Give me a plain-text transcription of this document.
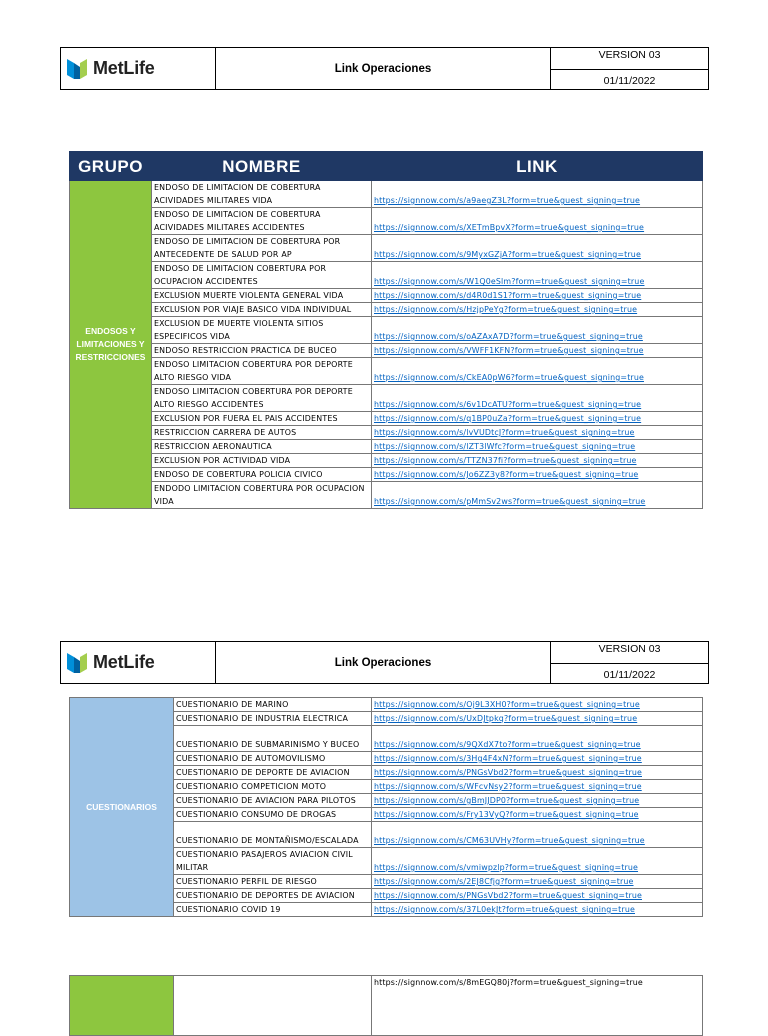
MetLife	Link Operaciones
VERSION 03
01/11/2022
GRUPO	NOMBRE	LINK
ENDOSOS Y LIMITACIONES Y RESTRICCIONES	ENDOSO DE LIMITACION DE COBERTURA ACIVIDADES MILITARES VIDA	https://signnow.com/s/a9aegZ3L?form=true&guest_signing=true
	ENDOSO DE LIMITACION DE COBERTURA ACIVIDADES MILITARES ACCIDENTES	https://signnow.com/s/XETmBpvX?form=true&guest_signing=true
	ENDOSO DE LIMITACION DE COBERTURA POR ANTECEDENTE DE SALUD POR AP	https://signnow.com/s/9MyxGZjA?form=true&guest_signing=true
	ENDOSO DE LIMITACION COBERTURA POR OCUPACION ACCIDENTES	https://signnow.com/s/W1Q0eSlm?form=true&guest_signing=true
	EXCLUSION MUERTE VIOLENTA GENERAL VIDA	https://signnow.com/s/d4R0d1S1?form=true&guest_signing=true
	EXCLUSION POR VIAJE BASICO VIDA INDIVIDUAL	https://signnow.com/s/HzjpPeYg?form=true&guest_signing=true
	EXCLUSION DE MUERTE VIOLENTA SITIOS ESPECIFICOS VIDA	https://signnow.com/s/oAZAxA7D?form=true&guest_signing=true
	ENDOSO RESTRICCION PRACTICA DE BUCEO	https://signnow.com/s/VWFF1KFN?form=true&guest_signing=true
	ENDOSO LIMITACION COBERTURA POR DEPORTE ALTO RIESGO VIDA	https://signnow.com/s/CkEA0pW6?form=true&guest_signing=true
	ENDOSO LIMITACION COBERTURA POR DEPORTE ALTO RIESGO ACCIDENTES	https://signnow.com/s/6v1DcATU?form=true&guest_signing=true
	EXCLUSION POR FUERA EL PAIS ACCIDENTES	https://signnow.com/s/q1BP0uZa?form=true&guest_signing=true
	RESTRICCION CARRERA DE AUTOS	https://signnow.com/s/lvVUDtcJ?form=true&guest_signing=true
	RESTRICCION AERONAUTICA	https://signnow.com/s/lZT3lWfc?form=true&guest_signing=true
	EXCLUSION POR ACTIVIDAD VIDA	https://signnow.com/s/TTZN37fi?form=true&guest_signing=true
	ENDOSO DE COBERTURA POLICIA CIVICO	https://signnow.com/s/Jo6ZZ3y8?form=true&guest_signing=true
	ENDODO LIMITACION COBERTURA POR OCUPACION VIDA	https://signnow.com/s/pMmSv2ws?form=true&guest_signing=true
MetLife	Link Operaciones
VERSION 03
01/11/2022
CUESTIONARIOS	CUESTIONARIO DE MARINO	https://signnow.com/s/Oj9L3XH0?form=true&guest_signing=true
	CUESTIONARIO DE INDUSTRIA ELECTRICA	https://signnow.com/s/UxDJtpkq?form=true&guest_signing=true
	CUESTIONARIO DE SUBMARINISMO Y BUCEO	https://signnow.com/s/9QXdX7to?form=true&guest_signing=true
	CUESTIONARIO DE AUTOMOVILISMO	https://signnow.com/s/3Hg4F4xN?form=true&guest_signing=true
	CUESTIONARIO DE DEPORTE DE AVIACION	https://signnow.com/s/PNGsVbd2?form=true&guest_signing=true
	CUESTIONARIO COMPETICION MOTO	https://signnow.com/s/WFcvNsy2?form=true&guest_signing=true
	CUESTIONARIO DE AVIACION PARA PILOTOS	https://signnow.com/s/gBmJJDP0?form=true&guest_signing=true
	CUESTIONARIO CONSUMO DE DROGAS	https://signnow.com/s/Fry13VyQ?form=true&guest_signing=true
	CUESTIONARIO DE MONTAÑISMO/ESCALADA	https://signnow.com/s/CM63UVHy?form=true&guest_signing=true
	CUESTIONARIO PASAJEROS AVIACION CIVIL MILITAR	https://signnow.com/s/vmiwpzlp?form=true&guest_signing=true
	CUESTIONARIO PERFIL DE RIESGO	https://signnow.com/s/2EJ8Cfjg?form=true&guest_signing=true
	CUESTIONARIO DE DEPORTES DE AVIACION	https://signnow.com/s/PNGsVbd2?form=true&guest_signing=true
	CUESTIONARIO COVID 19	https://signnow.com/s/37L0ekJt?form=true&guest_signing=true
		https://signnow.com/s/8mEGQ80j?form=true&guest_signing=true
